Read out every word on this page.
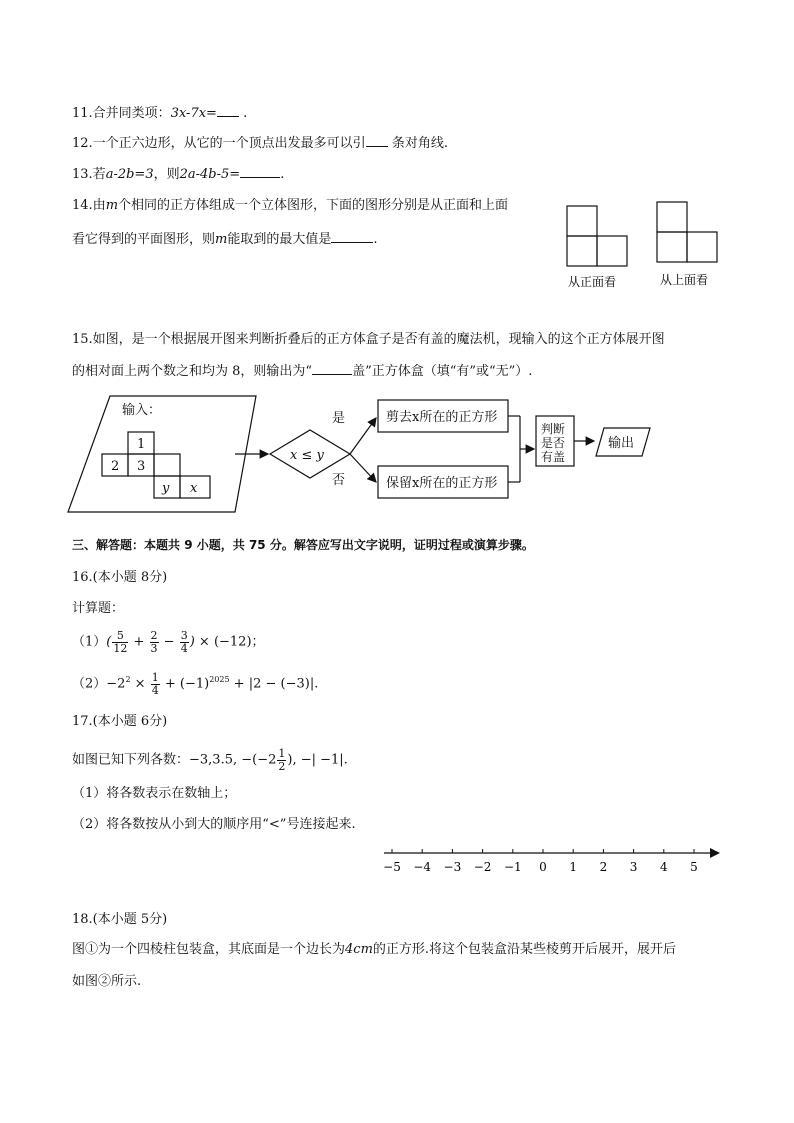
11.合并同类项：3x-7x= .
12.一个正六边形，从它的一个顶点出发最多可以引 条对角线.
13.若a-2b=3，则2a-4b-5=	.
14.由m个相同的正方体组成一个立体图形，下面的图形分别是从正面和上面
看它得到的平面图形，则m能取到的最大值是	.
从正面看	从上面看
15.如图，是一个根据展开图来判断折叠后的正方体盒子是否有盖的魔法机，现输入的这个正方体展开图
的相对面上两个数之和均为 8，则输出为“	盖”正方体盒（填“有”或“无”）.
输入：
1
2 3
y x
x ≤ y
是
否
剪去x所在的正方形
保留x所在的正方形
判断
是否
有盖
输出
三、解答题：本题共 9 小题，共 75 分。解答应写出文字说明，证明过程或演算步骤。
16.(本小题 8分)
计算题：
$(1)( \frac{5}{12} + \frac{2}{3} - \frac{3}{4}$ ) × (−12)；
$(2)-2^2 \times \frac{1}{4} + (-1)^{2025} + |2 - (-3)|$.
17.(本小题 6分)
如图已知下列各数：−3,3.5, $-(-2 \frac{1}{2}$ ), −| −1|.
（1）将各数表示在数轴上；
（2）将各数按从小到大的顺序用“<”号连接起来.
−5 −4 −3 −2 −1 0 1 2 3 4 5
18.(本小题 5分)
图①为一个四棱柱包装盒，其底面是一个边长为4cm的正方形.将这个包装盒沿某些棱剪开后展开，展开后
如图②所示.
